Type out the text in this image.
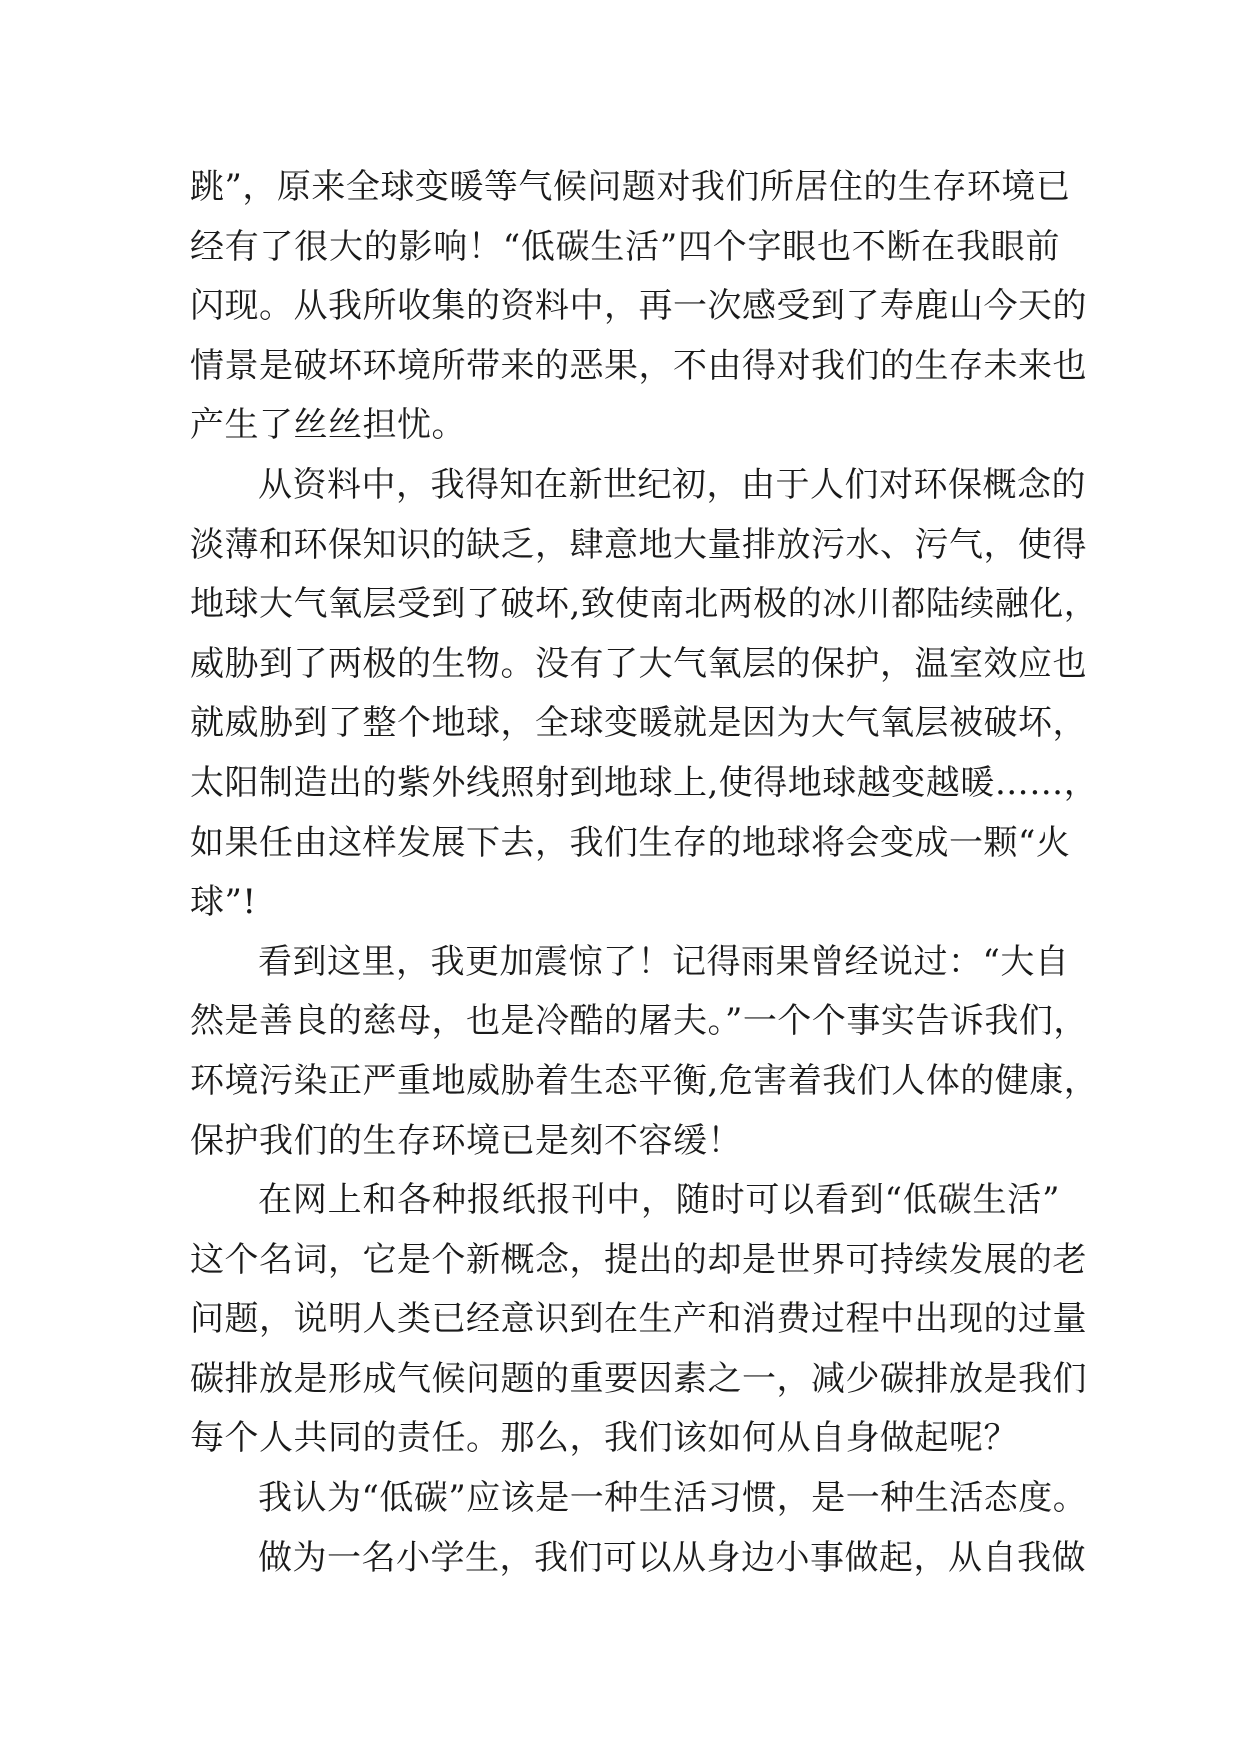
跳”，原来全球变暖等气候问题对我们所居住的生存环境已
经有了很大的影响！“低碳生活”四个字眼也不断在我眼前
闪现。从我所收集的资料中，再一次感受到了寿鹿山今天的
情景是破坏环境所带来的恶果，不由得对我们的生存未来也
产生了丝丝担忧。
从资料中，我得知在新世纪初，由于人们对环保概念的
淡薄和环保知识的缺乏，肆意地大量排放污水、污气，使得
地球大气氧层受到了破坏,致使南北两极的冰川都陆续融化，
威胁到了两极的生物。没有了大气氧层的保护，温室效应也
就威胁到了整个地球，全球变暖就是因为大气氧层被破坏，
太阳制造出的紫外线照射到地球上,使得地球越变越暖……，
如果任由这样发展下去，我们生存的地球将会变成一颗“火
球”!
看到这里，我更加震惊了！记得雨果曾经说过：“大自
然是善良的慈母，也是冷酷的屠夫。”一个个事实告诉我们，
环境污染正严重地威胁着生态平衡,危害着我们人体的健康，
保护我们的生存环境已是刻不容缓！
在网上和各种报纸报刊中，随时可以看到“低碳生活”
这个名词，它是个新概念，提出的却是世界可持续发展的老
问题，说明人类已经意识到在生产和消费过程中出现的过量
碳排放是形成气候问题的重要因素之一，减少碳排放是我们
每个人共同的责任。那么，我们该如何从自身做起呢？
我认为“低碳”应该是一种生活习惯，是一种生活态度。
做为一名小学生，我们可以从身边小事做起，从自我做
